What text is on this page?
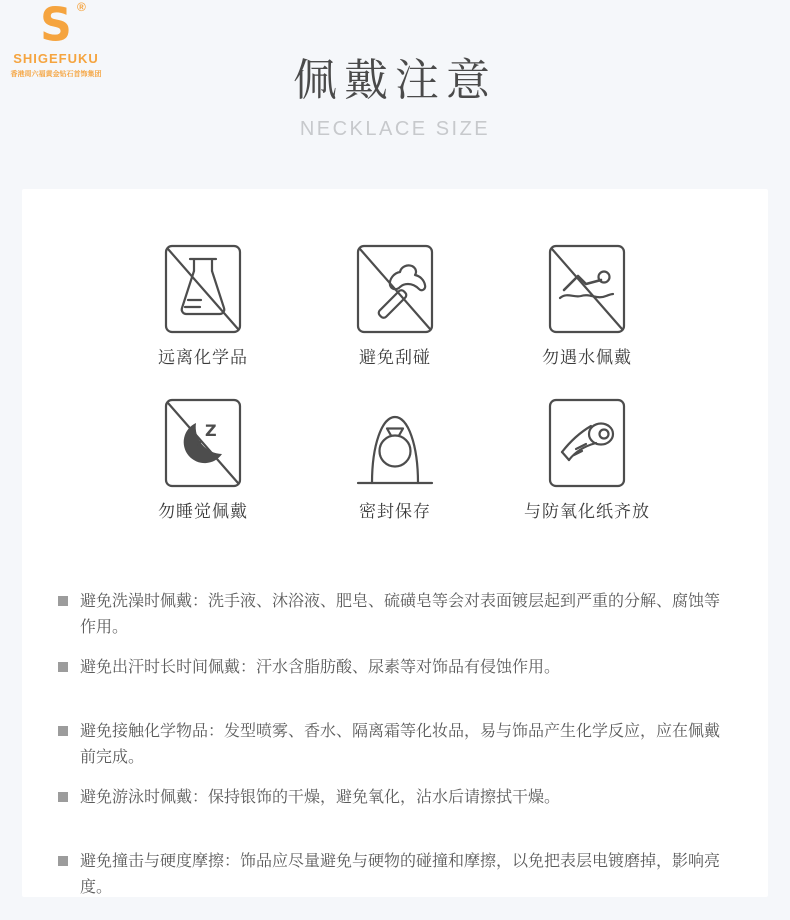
S ®
SHIGEFUKU
香港周六福黄金钻石首饰集团	佩戴注意
NECKLACE SIZE
远离化学品	避免刮碰	勿遇水佩戴
Z
z
勿睡觉佩戴	密封保存	与防氧化纸齐放
避免洗澡时佩戴：洗手液、沐浴液、肥皂、硫磺皂等会对表面镀层起到严重的分解、腐蚀等作用。
避免出汗时长时间佩戴：汗水含脂肪酸、尿素等对饰品有侵蚀作用。
避免接触化学物品：发型喷雾、香水、隔离霜等化妆品，易与饰品产生化学反应，应在佩戴前完成。
避免游泳时佩戴：保持银饰的干燥，避免氧化，沾水后请擦拭干燥。
避免撞击与硬度摩擦：饰品应尽量避免与硬物的碰撞和摩擦，以免把表层电镀磨掉，影响亮度。
